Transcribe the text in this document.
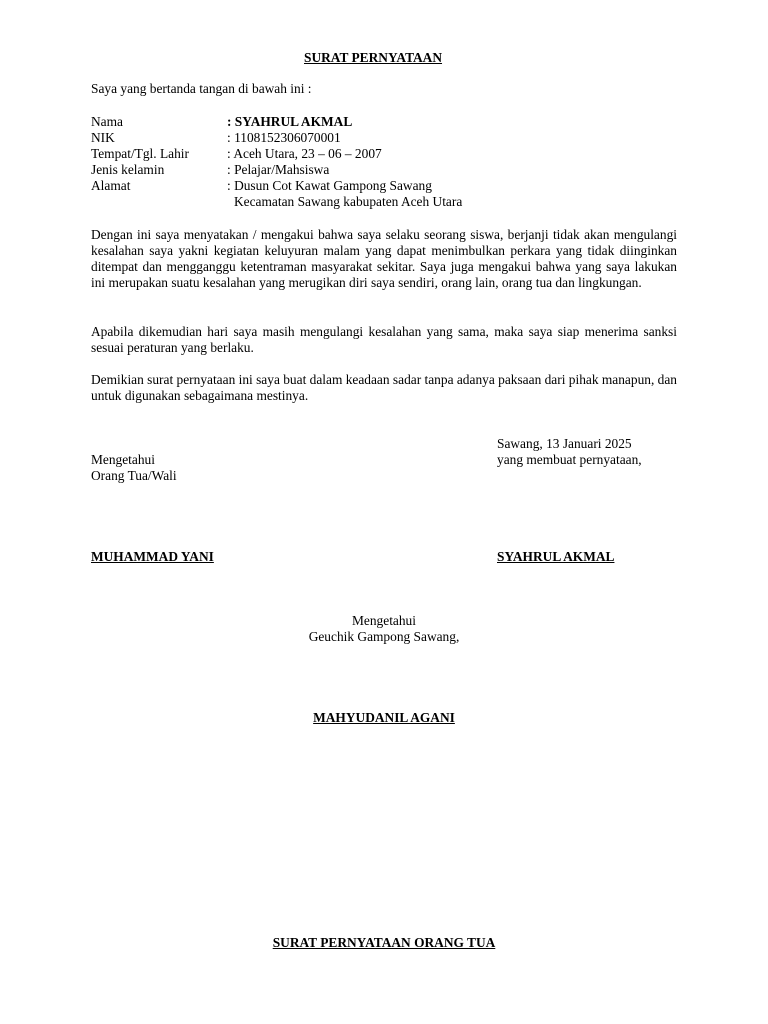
SURAT PERNYATAAN
Saya yang bertanda tangan di bawah ini :
Nama	: SYAHRUL AKMAL
NIK	: 1108152306070001
Tempat/Tgl. Lahir	: Aceh Utara, 23 – 06 – 2007
Jenis kelamin	: Pelajar/Mahsiswa
Alamat	: Dusun Cot Kawat Gampong Sawang
Kecamatan Sawang kabupaten Aceh Utara
Dengan ini saya menyatakan / mengakui bahwa saya selaku seorang siswa, berjanji tidak akan mengulangi kesalahan saya yakni kegiatan keluyuran malam yang dapat menimbulkan perkara yang tidak diinginkan ditempat dan mengganggu ketentraman masyarakat sekitar. Saya juga mengakui bahwa yang saya lakukan ini merupakan suatu kesalahan yang merugikan diri saya sendiri, orang lain, orang tua dan lingkungan.
Apabila dikemudian hari saya masih mengulangi kesalahan yang sama, maka saya siap menerima sanksi sesuai peraturan yang berlaku.
Demikian surat pernyataan ini saya buat dalam keadaan sadar tanpa adanya paksaan dari pihak manapun, dan untuk digunakan sebagaimana mestinya.
Sawang, 13 Januari 2025
Mengetahui
Orang Tua/Wali
yang membuat pernyataan,
MUHAMMAD YANI	SYAHRUL AKMAL
Mengetahui
Geuchik Gampong Sawang,
MAHYUDANIL AGANI
SURAT PERNYATAAN ORANG TUA
